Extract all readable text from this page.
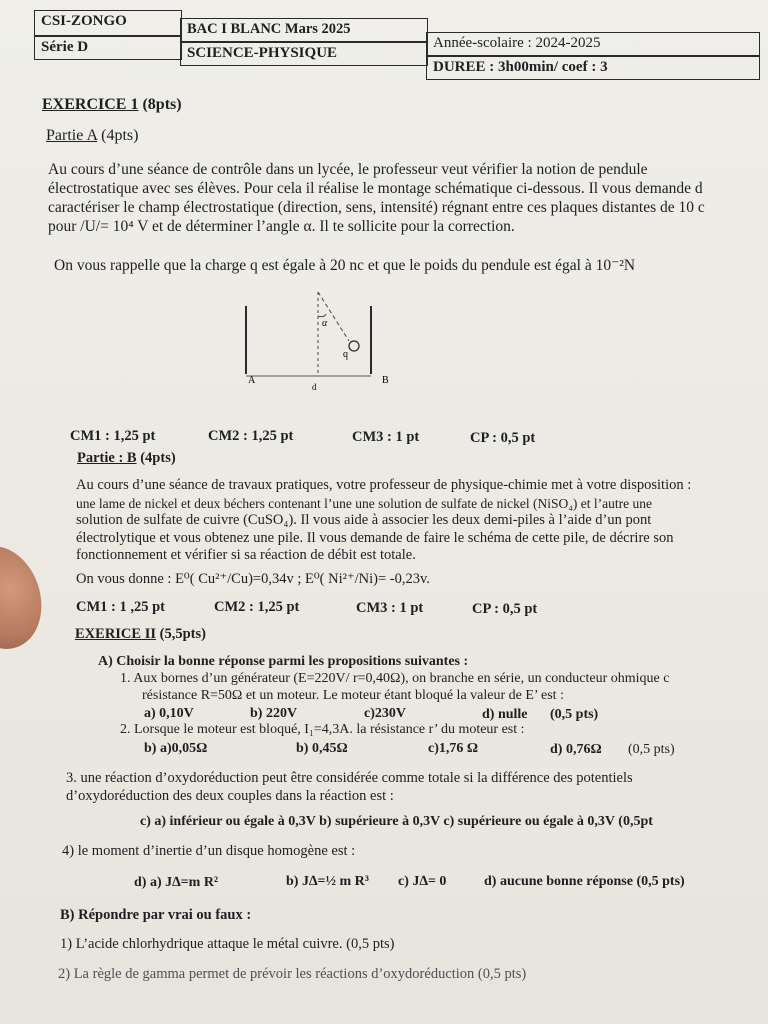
CSI-ZONGO
Série D
BAC I BLANC Mars 2025
SCIENCE-PHYSIQUE
Année-scolaire : 2024-2025
DUREE : 3h00min/ coef : 3
EXERCICE 1 (8pts)
Partie A (4pts)
Au cours d’une séance de contrôle dans un lycée, le professeur veut vérifier la notion de pendule
électrostatique avec ses élèves. Pour cela il réalise le montage schématique ci-dessous. Il vous demande d
caractériser le champ électrostatique (direction, sens, intensité) régnant entre ces plaques distantes de 10 c
pour /U/= 10⁴ V et de déterminer l’angle α. Il te sollicite pour la correction.
On vous rappelle que la charge q est égale à 20 nc et que le poids du pendule est égal à 10⁻²N
α
q
A	B
d
CM1 : 1,25 pt	CM2 : 1,25 pt	CM3 : 1 pt	CP : 0,5 pt
Partie : B (4pts)
Au cours d’une séance de travaux pratiques, votre professeur de physique-chimie met à votre disposition :
une lame de nickel et deux béchers contenant l’une une solution de sulfate de nickel (NiSO₄) et l’autre une
solution de sulfate de cuivre (CuSO₄). Il vous aide à associer les deux demi-piles à l’aide d’un pont
électrolytique et vous obtenez une pile. Il vous demande de faire le schéma de cette pile, de décrire son
fonctionnement et vérifier si sa réaction de débit est totale.
On vous donne : E⁰( Cu²⁺/Cu)=0,34v ; E⁰( Ni²⁺/Ni)= -0,23v.
CM1 : 1 ,25 pt	CM2 : 1,25 pt	CM3 : 1 pt	CP : 0,5 pt
EXERICE II (5,5pts)
A) Choisir la bonne réponse parmi les propositions suivantes :
1. Aux bornes d’un générateur (E=220V/ r=0,40Ω), on branche en série, un conducteur ohmique c
résistance R=50Ω et un moteur. Le moteur étant bloqué la valeur de E’ est :
a) 0,10V	b) 220V	c)230V	d) nulle (0,5 pts)
2. Lorsque le moteur est bloqué, I₁=4,3A. la résistance r’ du moteur est :
b) a)0,05Ω	b) 0,45Ω	c)1,76 Ω	d) 0,76Ω (0,5 pts)
3. une réaction d’oxydoréduction peut être considérée comme totale si la différence des potentiels
d’oxydoréduction des deux couples dans la réaction est :
c) a) inférieur ou égale à 0,3V b) supérieure à 0,3V c) supérieure ou égale à 0,3V (0,5pt
4) le moment d’inertie d’un disque homogène est :
d) a) J∆=m R²	b) J∆=½ m R³ c) J∆= 0	d) aucune bonne réponse (0,5 pts)
B) Répondre par vrai ou faux :
1) L’acide chlorhydrique attaque le métal cuivre. (0,5 pts)
2) La règle de gamma permet de prévoir les réactions d’oxydoréduction (0,5 pts)
